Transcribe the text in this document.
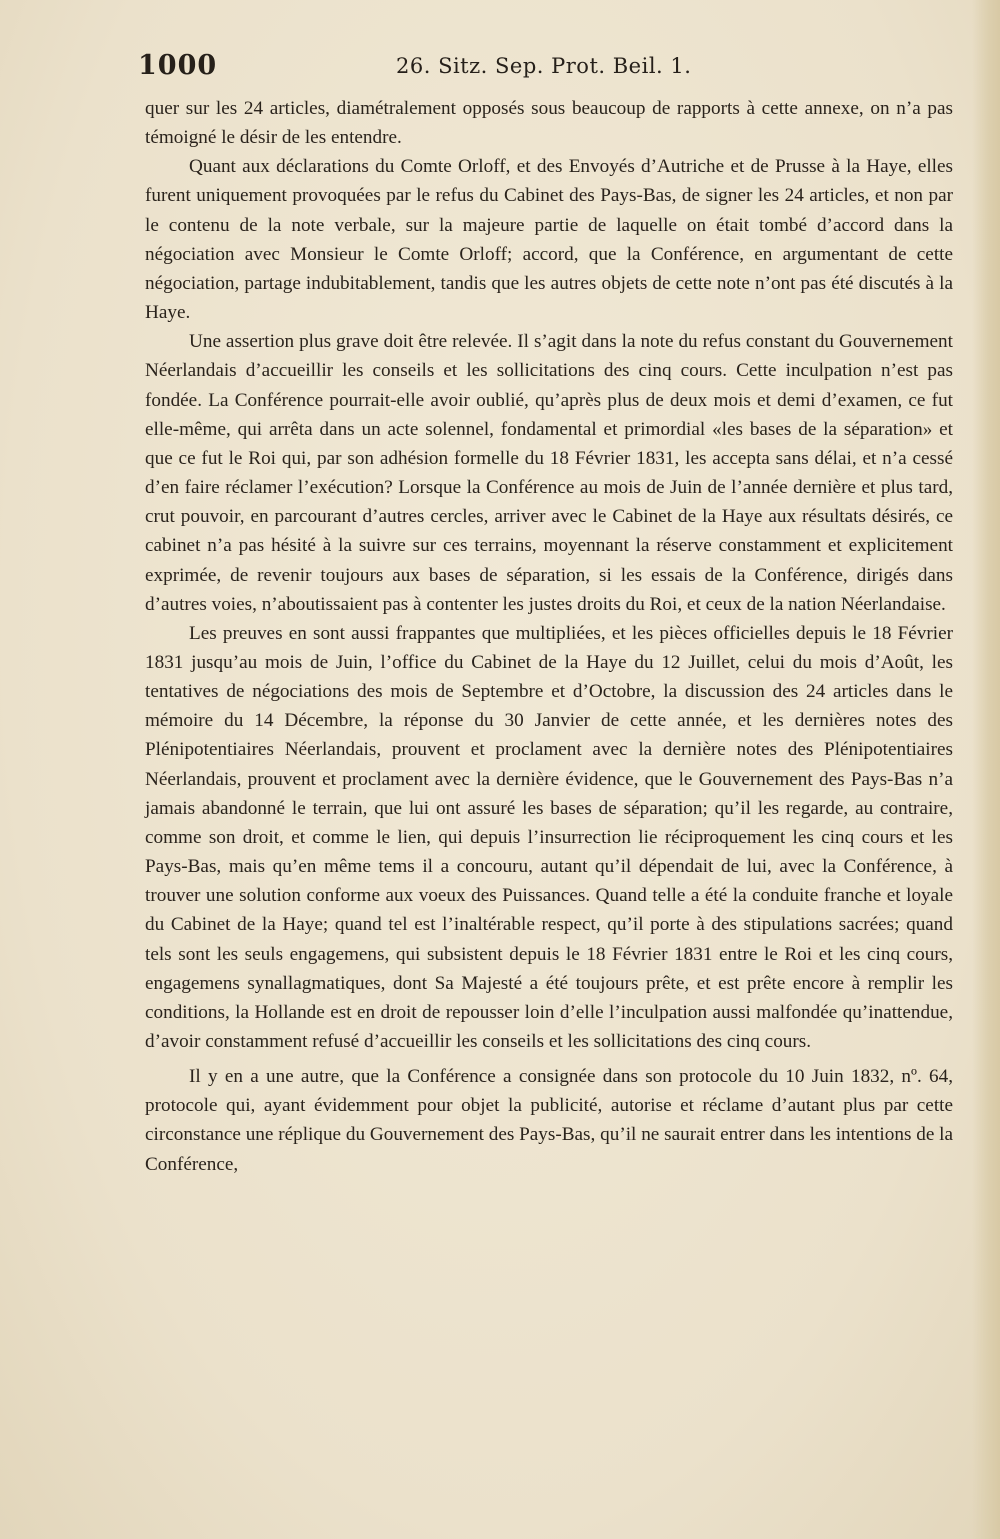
1000	26. Sitz. Sep. Prot. Beil. 1.

quer sur les 24 articles, diamétralement opposés sous beaucoup de rapports à cette annexe, on n’a pas témoigné le désir de les entendre.

Quant aux déclarations du Comte Orloff, et des Envoyés d’Autriche et de Prusse à la Haye, elles furent uniquement provoquées par le refus du Cabinet des Pays-Bas, de signer les 24 articles, et non par le contenu de la note verbale, sur la majeure partie de laquelle on était tombé d’accord dans la négociation avec Monsieur le Comte Orloff; accord, que la Conférence, en argumentant de cette négociation, partage indubitablement, tandis que les autres objets de cette note n’ont pas été discutés à la Haye.

Une assertion plus grave doit être relevée. Il s’agit dans la note du refus constant du Gouvernement Néerlandais d’accueillir les conseils et les sollicitations des cinq cours. Cette inculpation n’est pas fondée. La Conférence pourrait-elle avoir oublié, qu’après plus de deux mois et demi d’examen, ce fut elle-même, qui arrêta dans un acte solennel, fondamental et primordial «les bases de la séparation» et que ce fut le Roi qui, par son adhésion formelle du 18 Février 1831, les accepta sans délai, et n’a cessé d’en faire réclamer l’exécution? Lorsque la Conférence au mois de Juin de l’année dernière et plus tard, crut pouvoir, en parcourant d’autres cercles, arriver avec le Cabinet de la Haye aux résultats désirés, ce cabinet n’a pas hésité à la suivre sur ces terrains, moyennant la réserve constamment et explicitement exprimée, de revenir toujours aux bases de séparation, si les essais de la Conférence, dirigés dans d’autres voies, n’aboutissaient pas à contenter les justes droits du Roi, et ceux de la nation Néerlandaise.

Les preuves en sont aussi frappantes que multipliées, et les pièces officielles depuis le 18 Février 1831 jusqu’au mois de Juin, l’office du Cabinet de la Haye du 12 Juillet, celui du mois d’Août, les tentatives de négociations des mois de Septembre et d’Octobre, la discussion des 24 articles dans le mémoire du 14 Décembre, la réponse du 30 Janvier de cette année, et les dernières notes des Plénipotentiaires Néerlandais, prouvent et proclament avec la dernière notes des Plénipotentiaires Néerlandais, prouvent et proclament avec la dernière évidence, que le Gouvernement des Pays-Bas n’a jamais abandonné le terrain, que lui ont assuré les bases de séparation; qu’il les regarde, au contraire, comme son droit, et comme le lien, qui depuis l’insurrection lie réciproquement les cinq cours et les Pays-Bas, mais qu’en même tems il a concouru, autant qu’il dépendait de lui, avec la Conférence, à trouver une solution conforme aux voeux des Puissances. Quand telle a été la conduite franche et loyale du Cabinet de la Haye; quand tel est l’inaltérable respect, qu’il porte à des stipulations sacrées; quand tels sont les seuls engagemens, qui subsistent depuis le 18 Février 1831 entre le Roi et les cinq cours, engagemens synallagmatiques, dont Sa Majesté a été toujours prête, et est prête encore à remplir les conditions, la Hollande est en droit de repousser loin d’elle l’inculpation aussi malfondée qu’inattendue, d’avoir constamment refusé d’accueillir les conseils et les sollicitations des cinq cours.

Il y en a une autre, que la Conférence a consignée dans son protocole du 10 Juin 1832, nº. 64, protocole qui, ayant évidemment pour objet la publicité, autorise et réclame d’autant plus par cette circonstance une réplique du Gouvernement des Pays-Bas, qu’il ne saurait entrer dans les intentions de la Conférence,
